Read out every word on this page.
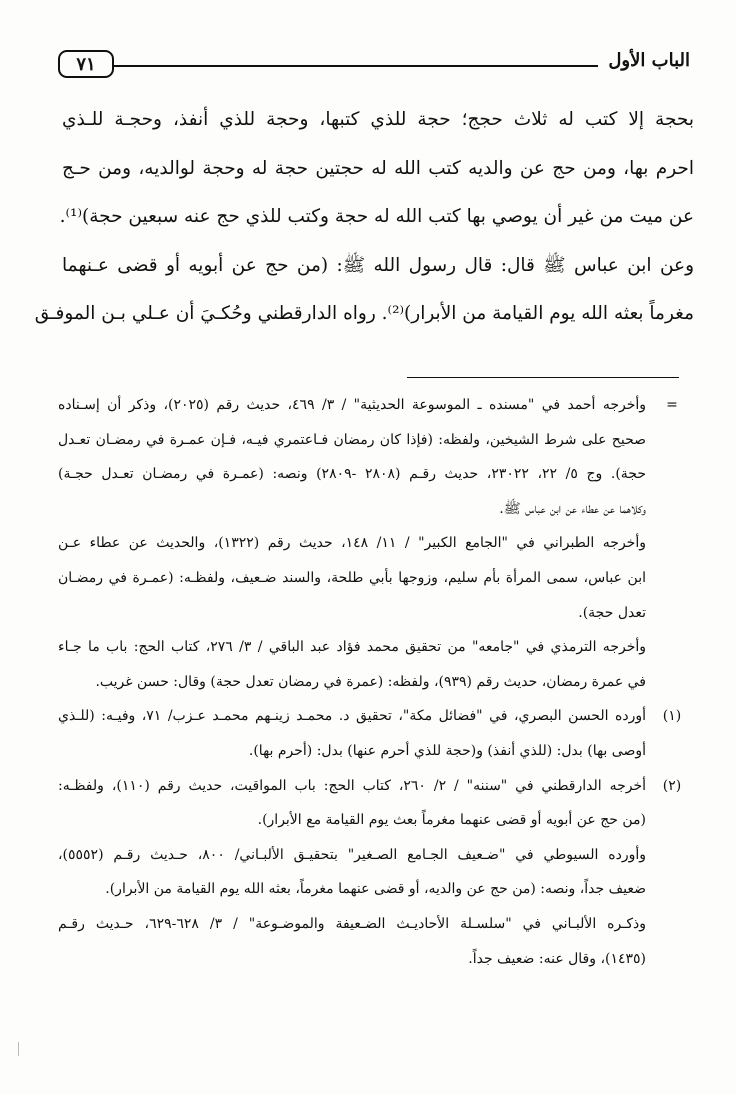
٧١	الباب الأول
بحجة إلا كتب له ثلاث حجج؛ حجة للذي كتبها، وحجة للذي أنفذ، وحجـة للـذي
احرم بها، ومن حج عن والديه كتب الله له حجتين حجة له وحجة لوالديه، ومن حـج
عن ميت من غير أن يوصي بها كتب الله له حجة وكتب للذي حج عنه سبعين حجة)⁽¹⁾.
وعن ابن عباس ﷺ قال: قال رسول الله ﷺ: (من حج عن أبويه أو قضى عـنهما
مغرماً بعثه الله يوم القيامة من الأبرار)⁽²⁾. رواه الدارقطني وحُكـيَ أن عـلي بـن الموفـق
=
وأخرجه أحمد في "مسنده ـ الموسوعة الحديثية" / ٣/ ٤٦٩، حديث رقم (٢٠٢٥)، وذكر أن إسـناده
صحيح على شرط الشيخين، ولفظه: (فإذا كان رمضان فـاعتمري فيـه، فـإن عمـرة في رمضـان تعـدل
حجة). وج ٥/ ٢٢، ٢٣٠٢٢، حديث رقـم (٢٨٠٨ -٢٨٠٩) ونصه: (عمـرة في رمضـان تعـدل حجـة)
وكلاهما عن عطاء عن ابن عباس ﷺ.
وأخرجه الطبراني في "الجامع الكبير" / ١١/ ١٤٨، حديث رقم (١٣٢٢)، والحديث عن عطاء عـن
ابن عباس، سمى المرأة بأم سليم، وزوجها بأبي طلحة، والسند ضـعيف، ولفظـه: (عمـرة في رمضـان
تعدل حجة).
وأخرجه الترمذي في "جامعه" من تحقيق محمد فؤاد عبد الباقي / ٣/ ٢٧٦، كتاب الحج: باب ما جـاء
في عمرة رمضان، حديث رقم (٩٣٩)، ولفظه: (عمرة في رمضان تعدل حجة) وقال: حسن غريب.
(١)
أورده الحسن البصري، في "فضائل مكة"، تحقيق د. محمـد زينـهم محمـد عـزب/ ٧١، وفيـه: (للـذي
أوصى بها) بدل: (للذي أنفذ) و(حجة للذي أحرم عنها) بدل: (أحرم بها).
(٢)
أخرجه الدارقطني في "سننه" / ٢/ ٢٦٠، كتاب الحج: باب المواقيت، حديث رقم (١١٠)، ولفظـه:
(من حج عن أبويه أو قضى عنهما مغرماً بعث يوم القيامة مع الأبرار).
وأورده السيوطي في "ضـعيف الجـامع الصـغير" بتحقيـق الألبـاني/ ٨٠٠، حـديث رقـم (٥٥٥٢)،
ضعيف جداً، ونصه: (من حج عن والديه، أو قضى عنهما مغرماً، بعثه الله يوم القيامة من الأبرار).
وذكـره الألبـاني في "سلسـلة الأحاديـث الضـعيفة والموضـوعة" / ٣/ ٦٢٨-٦٢٩، حـديث رقـم
(١٤٣٥)، وقال عنه: ضعيف جداً.
